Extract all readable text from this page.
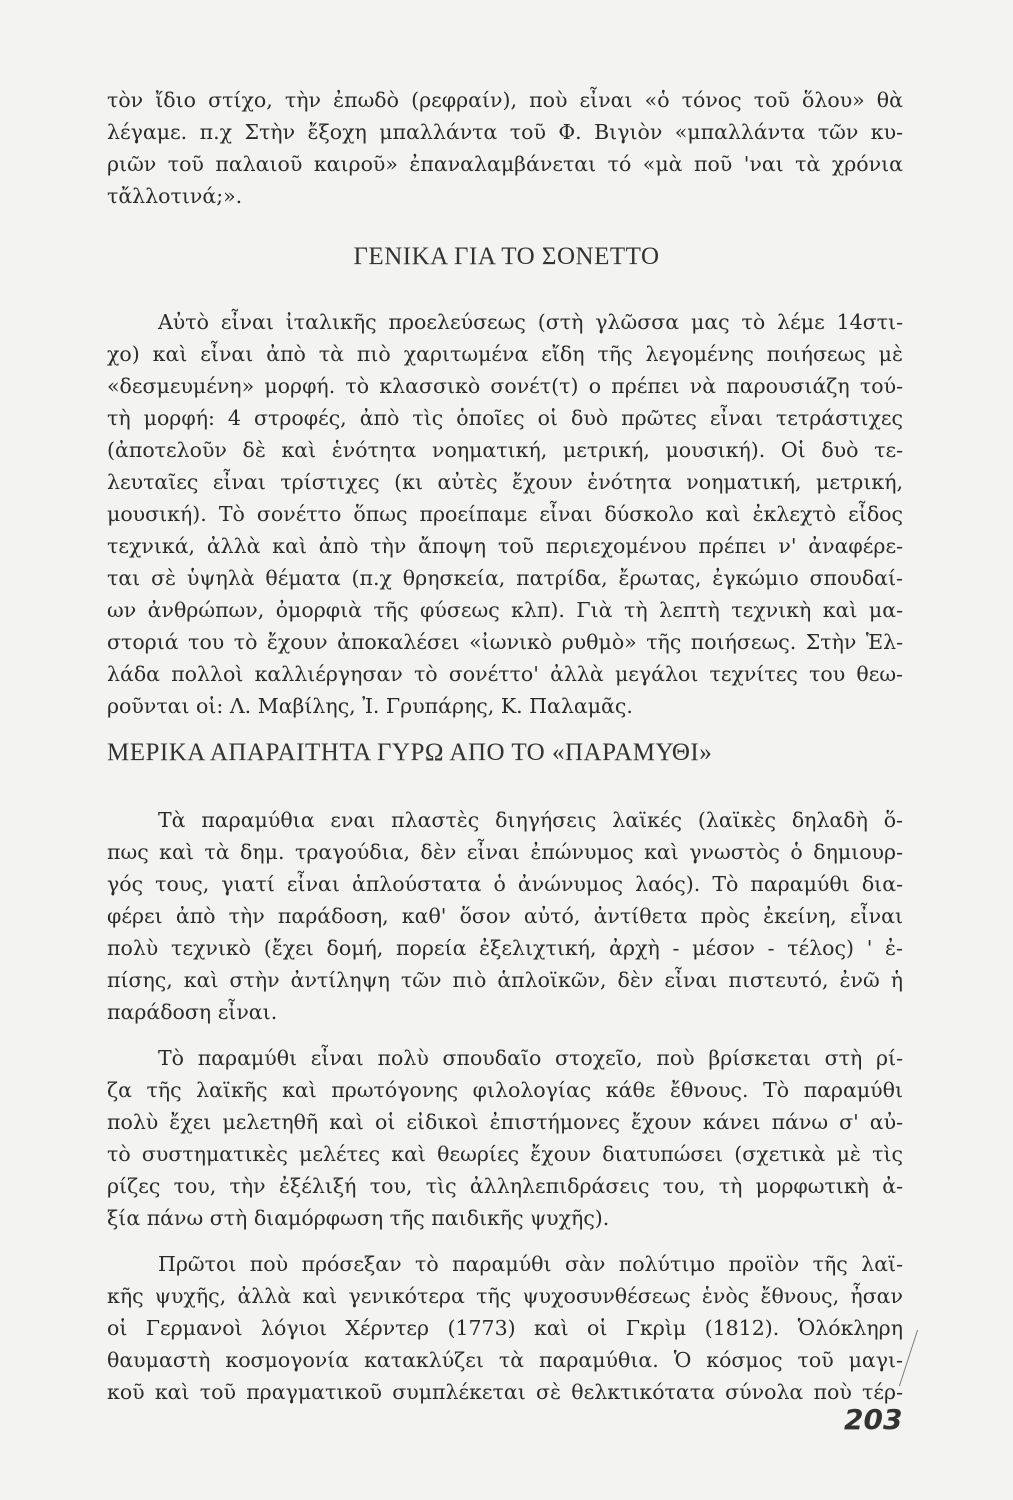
τὸν ἴδιο στίχο, τὴν ἐπωδὸ (ρεφραίν), ποὺ εἶναι «ὁ τόνος τοῦ ὅλου» θὰ
λέγαμε. π.χ Στὴν ἔξοχη μπαλλάντα τοῦ Φ. Βιγιὸν «μπαλλάντα τῶν κυ-
ριῶν τοῦ παλαιοῦ καιροῦ» ἐπαναλαμβάνεται τό «μὰ ποῦ 'ναι τὰ χρόνια
τἄλλοτινά;».
ΓΕΝΙΚΑ ΓΙΑ ΤΟ ΣΟΝΕΤΤΟ
Αὐτὸ εἶναι ἰταλικῆς προελεύσεως (στὴ γλῶσσα μας τὸ λέμε 14στι-
χο) καὶ εἶναι ἀπὸ τὰ πιὸ χαριτωμένα εἴδη τῆς λεγομένης ποιήσεως μὲ
«δεσμευμένη» μορφή. τὸ κλασσικὸ σονέτ(τ) ο πρέπει νὰ παρουσιάζη τού-
τὴ μορφή: 4 στροφές, ἀπὸ τὶς ὁποῖες οἱ δυὸ πρῶτες εἶναι τετράστιχες
(ἀποτελοῦν δὲ καὶ ἑνότητα νοηματική, μετρική, μουσική). Οἱ δυὸ τε-
λευταῖες εἶναι τρίστιχες (κι αὐτὲς ἔχουν ἑνότητα νοηματική, μετρική,
μουσική). Τὸ σονέττο ὅπως προείπαμε εἶναι δύσκολο καὶ ἐκλεχτὸ εἶδος
τεχνικά, ἀλλὰ καὶ ἀπὸ τὴν ἄποψη τοῦ περιεχομένου πρέπει ν' ἀναφέρε-
ται σὲ ὑψηλὰ θέματα (π.χ θρησκεία, πατρίδα, ἔρωτας, ἐγκώμιο σπουδαί-
ων ἀνθρώπων, ὀμορφιὰ τῆς φύσεως κλπ). Γιὰ τὴ λεπτὴ τεχνικὴ καὶ μα-
στοριά του τὸ ἔχουν ἀποκαλέσει «ἰωνικὸ ρυθμὸ» τῆς ποιήσεως. Στὴν Ἑλ-
λάδα πολλοὶ καλλιέργησαν τὸ σονέττο' ἀλλὰ μεγάλοι τεχνίτες του θεω-
ροῦνται οἱ: Λ. Μαβίλης, Ἰ. Γρυπάρης, Κ. Παλαμᾶς.
ΜΕΡΙΚΑ ΑΠΑΡΑΙΤΗΤΑ ΓΥΡΩ ΑΠΟ ΤΟ «ΠΑΡΑΜΥΘΙ»
Τὰ παραμύθια εναι πλαστὲς διηγήσεις λαϊκές (λαϊκὲς δηλαδὴ ὅ-
πως καὶ τὰ δημ. τραγούδια, δὲν εἶναι ἐπώνυμος καὶ γνωστὸς ὁ δημιουρ-
γός τους, γιατί εἶναι ἁπλούστατα ὁ ἀνώνυμος λαός). Τὸ παραμύθι δια-
φέρει ἀπὸ τὴν παράδοση, καθ' ὅσον αὐτό, ἀντίθετα πρὸς ἐκείνη, εἶναι
πολὺ τεχνικὸ (ἔχει δομή, πορεία ἐξελιχτική, ἀρχὴ - μέσον - τέλος) ' ἐ-
πίσης, καὶ στὴν ἀντίληψη τῶν πιὸ ἁπλοϊκῶν, δὲν εἶναι πιστευτό, ἐνῶ ἡ
παράδοση εἶναι.
Τὸ παραμύθι εἶναι πολὺ σπουδαῖο στοχεῖο, ποὺ βρίσκεται στὴ ρί-
ζα τῆς λαϊκῆς καὶ πρωτόγονης φιλολογίας κάθε ἔθνους. Τὸ παραμύθι
πολὺ ἔχει μελετηθῆ καὶ οἱ εἰδικοὶ ἐπιστήμονες ἔχουν κάνει πάνω σ' αὐ-
τὸ συστηματικὲς μελέτες καὶ θεωρίες ἔχουν διατυπώσει (σχετικὰ μὲ τὶς
ρίζες του, τὴν ἐξέλιξή του, τὶς ἀλληλεπιδράσεις του, τὴ μορφωτικὴ ἀ-
ξία πάνω στὴ διαμόρφωση τῆς παιδικῆς ψυχῆς).
Πρῶτοι ποὺ πρόσεξαν τὸ παραμύθι σὰν πολύτιμο προϊὸν τῆς λαϊ-
κῆς ψυχῆς, ἀλλὰ καὶ γενικότερα τῆς ψυχοσυνθέσεως ἑνὸς ἔθνους, ἦσαν
οἱ Γερμανοὶ λόγιοι Χέρντερ (1773) καὶ οἱ Γκρὶμ (1812). Ὁλόκληρη
θαυμαστὴ κοσμογονία κατακλύζει τὰ παραμύθια. Ὁ κόσμος τοῦ μαγι-
κοῦ καὶ τοῦ πραγματικοῦ συμπλέκεται σὲ θελκτικότατα σύνολα ποὺ τέρ-
203
